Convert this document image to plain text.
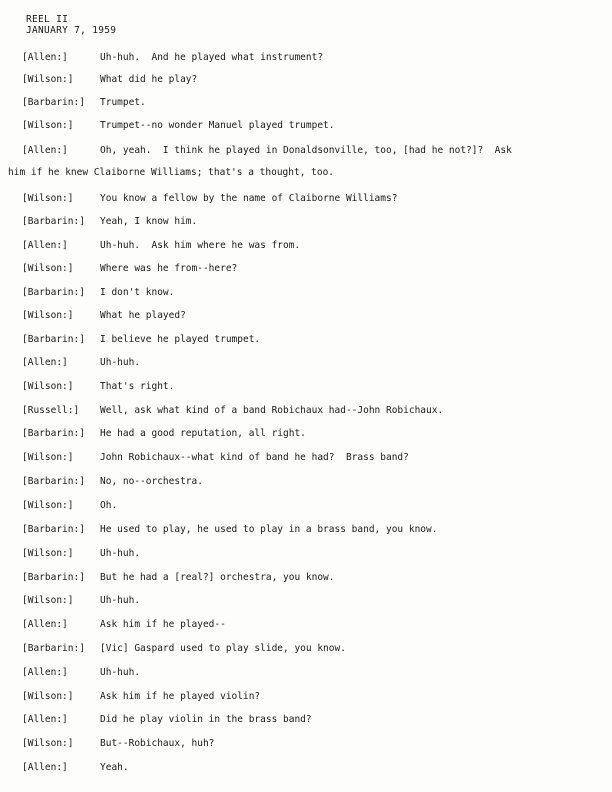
REEL II
JANUARY 7, 1959
[Allen:]	Uh-huh.  And he played what instrument?
[Wilson:]	What did he play?
[Barbarin:]	Trumpet.
[Wilson:]	Trumpet--no wonder Manuel played trumpet.
[Allen:]	Oh, yeah.  I think he played in Donaldsonville, too, [had he not?]?  Ask
him if he knew Claiborne Williams; that's a thought, too.
[Wilson:]	You know a fellow by the name of Claiborne Williams?
[Barbarin:]	Yeah, I know him.
[Allen:]	Uh-huh.  Ask him where he was from.
[Wilson:]	Where was he from--here?
[Barbarin:]	I don't know.
[Wilson:]	What he played?
[Barbarin:]	I believe he played trumpet.
[Allen:]	Uh-huh.
[Wilson:]	That's right.
[Russell:]	Well, ask what kind of a band Robichaux had--John Robichaux.
[Barbarin:]	He had a good reputation, all right.
[Wilson:]	John Robichaux--what kind of band he had?  Brass band?
[Barbarin:]	No, no--orchestra.
[Wilson:]	Oh.
[Barbarin:]	He used to play, he used to play in a brass band, you know.
[Wilson:]	Uh-huh.
[Barbarin:]	But he had a [real?] orchestra, you know.
[Wilson:]	Uh-huh.
[Allen:]	Ask him if he played--
[Barbarin:]	[Vic] Gaspard used to play slide, you know.
[Allen:]	Uh-huh.
[Wilson:]	Ask him if he played violin?
[Allen:]	Did he play violin in the brass band?
[Wilson:]	But--Robichaux, huh?
[Allen:]	Yeah.
